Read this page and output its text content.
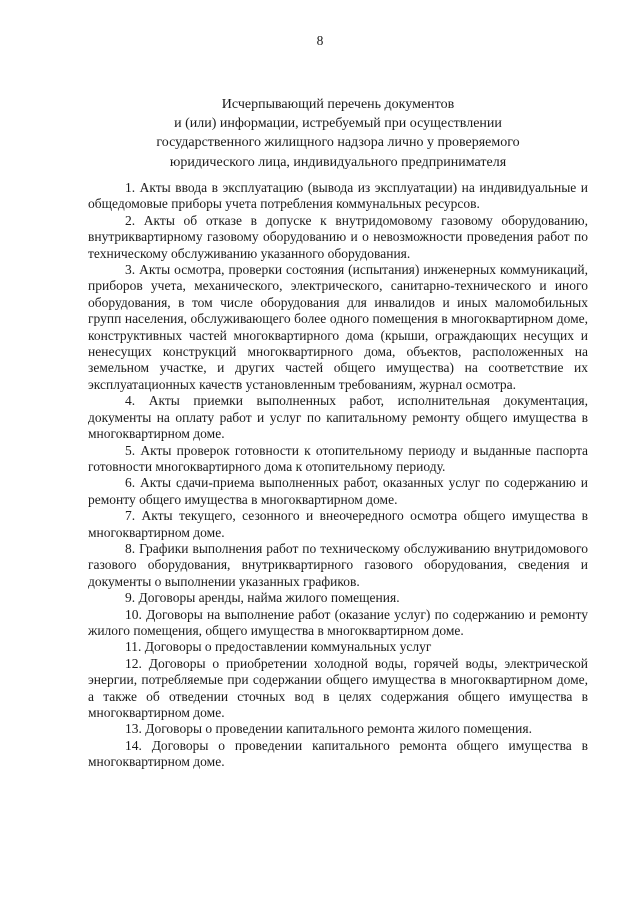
8
Исчерпывающий перечень документов
и (или) информации, истребуемый при осуществлении
государственного жилищного надзора лично у проверяемого
юридического лица, индивидуального предпринимателя
1. Акты ввода в эксплуатацию (вывода из эксплуатации) на индивидуальные и общедомовые приборы учета потребления коммунальных ресурсов.
2. Акты об отказе в допуске к внутридомовому газовому оборудованию, внутриквартирному газовому оборудованию и о невозможности проведения работ по техническому обслуживанию указанного оборудования.
3. Акты осмотра, проверки состояния (испытания) инженерных коммуникаций, приборов учета, механического, электрического, санитарно-технического и иного оборудования, в том числе оборудования для инвалидов и иных маломобильных групп населения, обслуживающего более одного помещения в многоквартирном доме, конструктивных частей многоквартирного дома (крыши, ограждающих несущих и ненесущих конструкций многоквартирного дома, объектов, расположенных на земельном участке, и других частей общего имущества) на соответствие их эксплуатационных качеств установленным требованиям, журнал осмотра.
4. Акты приемки выполненных работ, исполнительная документация, документы на оплату работ и услуг по капитальному ремонту общего имущества в многоквартирном доме.
5. Акты проверок готовности к отопительному периоду и выданные паспорта готовности многоквартирного дома к отопительному периоду.
6. Акты сдачи-приема выполненных работ, оказанных услуг по содержанию и ремонту общего имущества в многоквартирном доме.
7. Акты текущего, сезонного и внеочередного осмотра общего имущества в многоквартирном доме.
8. Графики выполнения работ по техническому обслуживанию внутридомового газового оборудования, внутриквартирного газового оборудования, сведения и документы о выполнении указанных графиков.
9. Договоры аренды, найма жилого помещения.
10. Договоры на выполнение работ (оказание услуг) по содержанию и ремонту жилого помещения, общего имущества в многоквартирном доме.
11. Договоры о предоставлении коммунальных услуг
12. Договоры о приобретении холодной воды, горячей воды, электрической энергии, потребляемые при содержании общего имущества в многоквартирном доме, а также об отведении сточных вод в целях содержания общего имущества в многоквартирном доме.
13. Договоры о проведении капитального ремонта жилого помещения.
14. Договоры о проведении капитального ремонта общего имущества в многоквартирном доме.
